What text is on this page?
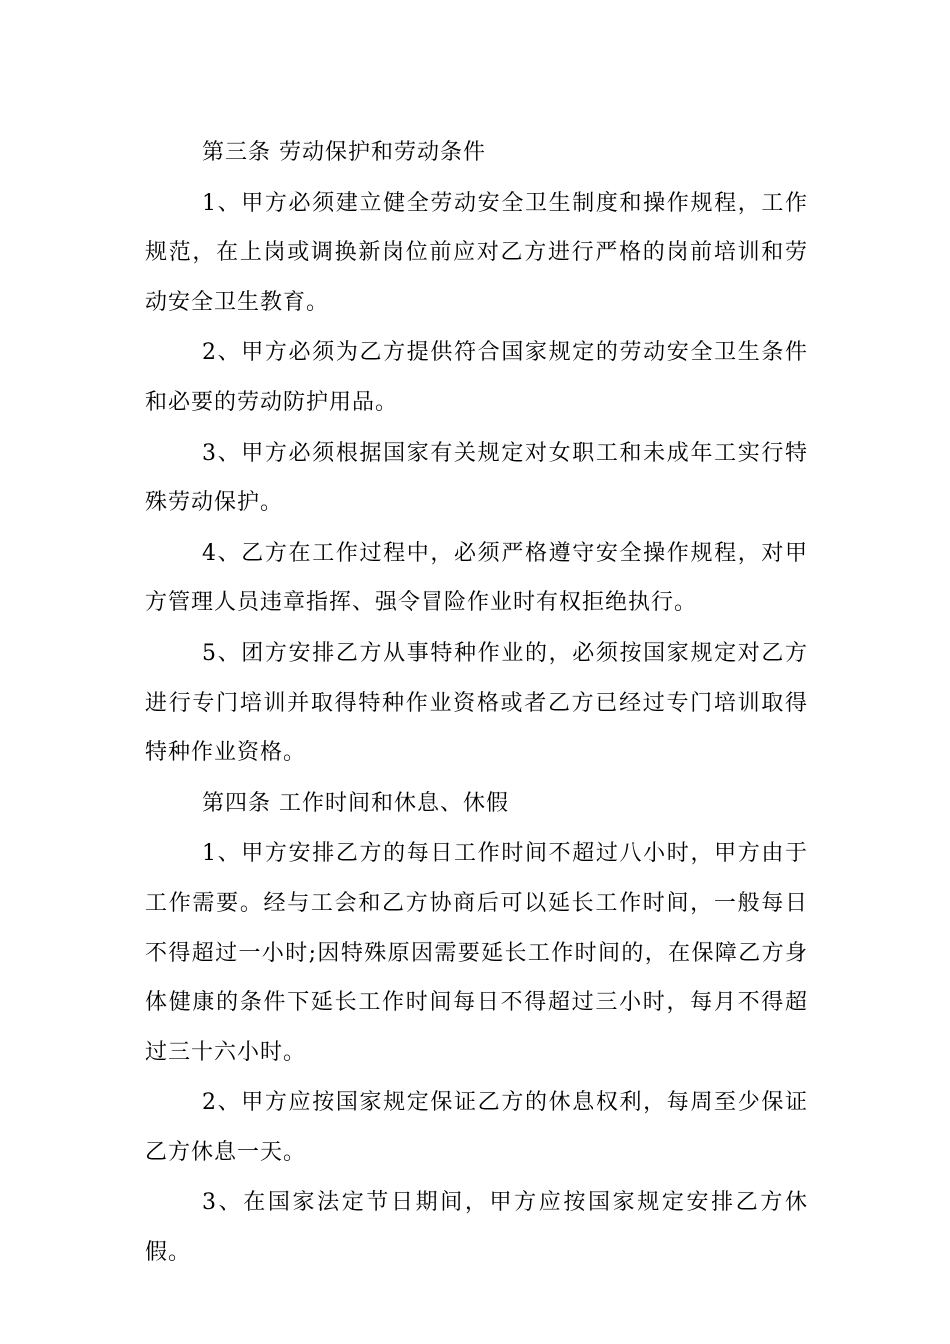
第三条 劳动保护和劳动条件

1、甲方必须建立健全劳动安全卫生制度和操作规程，工作规范，在上岗或调换新岗位前应对乙方进行严格的岗前培训和劳动安全卫生教育。

2、甲方必须为乙方提供符合国家规定的劳动安全卫生条件和必要的劳动防护用品。

3、甲方必须根据国家有关规定对女职工和未成年工实行特殊劳动保护。

4、乙方在工作过程中，必须严格遵守安全操作规程，对甲方管理人员违章指挥、强令冒险作业时有权拒绝执行。

5、团方安排乙方从事特种作业的，必须按国家规定对乙方进行专门培训并取得特种作业资格或者乙方已经过专门培训取得特种作业资格。

第四条 工作时间和休息、休假

1、甲方安排乙方的每日工作时间不超过八小时，甲方由于工作需要。经与工会和乙方协商后可以延长工作时间，一般每日不得超过一小时;因特殊原因需要延长工作时间的，在保障乙方身体健康的条件下延长工作时间每日不得超过三小时，每月不得超过三十六小时。

2、甲方应按国家规定保证乙方的休息权利，每周至少保证乙方休息一天。

3、在国家法定节日期间，甲方应按国家规定安排乙方休假。
